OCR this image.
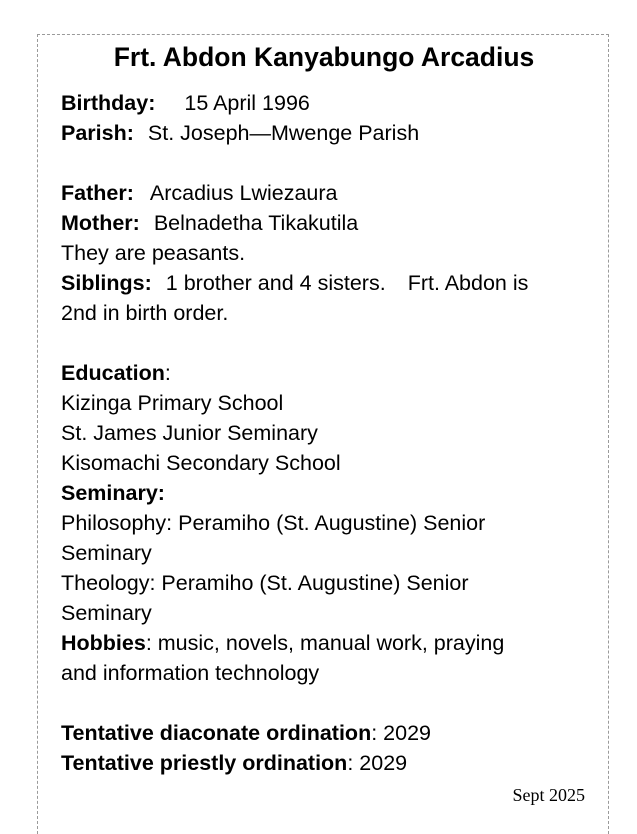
Frt. Abdon Kanyabungo Arcadius
Birthday: 15 April 1996
Parish: St. Joseph—Mwenge Parish
Father: Arcadius Lwiezaura
Mother: Belnadetha Tikakutila
They are peasants.
Siblings: 1 brother and 4 sisters. Frt. Abdon is
2nd in birth order.
Education:
Kizinga Primary School
St. James Junior Seminary
Kisomachi Secondary School
Seminary:
Philosophy: Peramiho (St. Augustine) Senior
Seminary
Theology: Peramiho (St. Augustine) Senior
Seminary
Hobbies: music, novels, manual work, praying
and information technology
Tentative diaconate ordination: 2029
Tentative priestly ordination: 2029
Sept 2025
